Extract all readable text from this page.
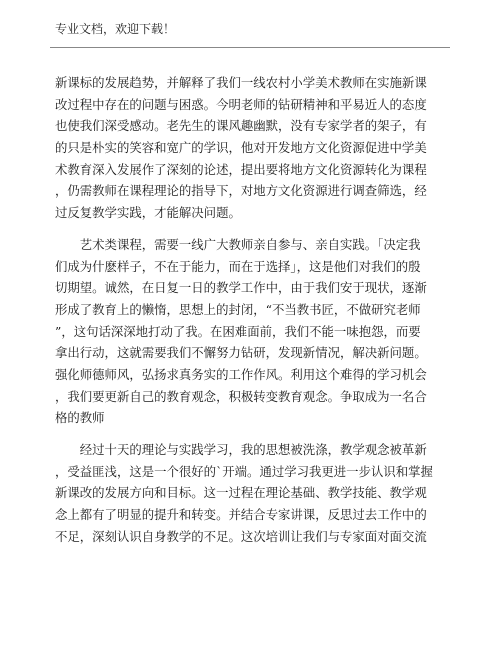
专业文档，欢迎下载！
新课标的发展趋势，并解释了我们一线农村小学美术教师在实施新课
改过程中存在的问题与困惑。今明老师的钻研精神和平易近人的态度
也使我们深受感动。老先生的课风趣幽默，没有专家学者的架子，有
的只是朴实的笑容和宽广的学识，他对开发地方文化资源促进中学美
术教育深入发展作了深刻的论述，提出要将地方文化资源转化为课程
，仍需教师在课程理论的指导下，对地方文化资源进行调查筛选，经
过反复教学实践，才能解决问题。
　　艺术类课程，需要一线广大教师亲自参与、亲自实践。「决定我
们成为什麽样子，不在于能力，而在于选择」，这是他们对我们的殷
切期望。诚然，在日复一日的教学工作中，由于我们安于现状，逐渐
形成了教育上的懒惰，思想上的封闭，“不当教书匠，不做研究老师
”，这句话深深地打动了我。在困难面前，我们不能一味抱怨，而要
拿出行动，这就需要我们不懈努力钻研，发现新情况，解决新问题。
强化师德师风，弘扬求真务实的工作作风。利用这个难得的学习机会
，我们要更新自己的教育观念，积极转变教育观念。争取成为一名合
格的教师
　　经过十天的理论与实践学习，我的思想被洗涤，教学观念被革新
，受益匪浅，这是一个很好的`开端。通过学习我更进一步认识和掌握
新课改的发展方向和目标。这一过程在理论基础、教学技能、教学观
念上都有了明显的提升和转变。并结合专家讲课，反思过去工作中的
不足，深刻认识自身教学的不足。这次培训让我们与专家面对面交流
